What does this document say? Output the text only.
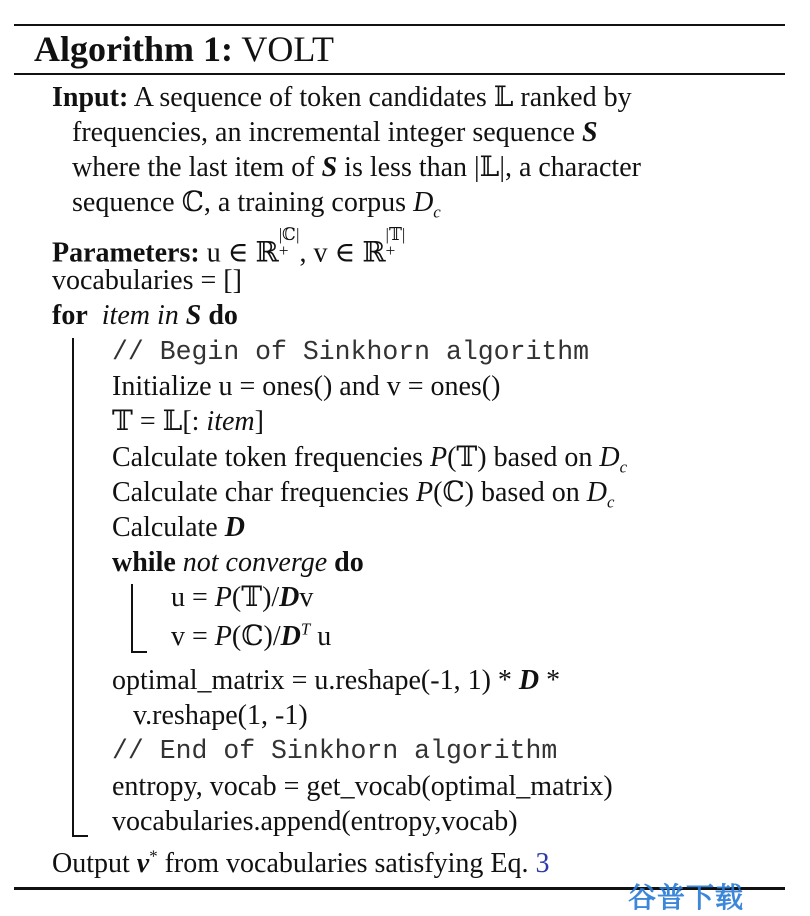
Algorithm 1: VOLT
Input: A sequence of token candidates 𝕃 ranked by
frequencies, an incremental integer sequence S
where the last item of S is less than |𝕃|, a character
sequence ℂ, a training corpus $D_c$
Parameters: u ∈ ℝ
|ℂ|
+ , v ∈ ℝ
|𝕋|
+
vocabularies = []
for item in S do
// Begin of Sinkhorn algorithm
Initialize u = ones() and v = ones()
𝕋 = 𝕃[: item]
Calculate token frequencies P(𝕋) based on $D_c$
Calculate char frequencies P(ℂ) based on $D_c$
Calculate D
while not converge do
u = P(𝕋)/Dv
$v = P(ℂ)/D^T$ u
optimal_matrix = u.reshape(-1, 1) * D *
v.reshape(1, -1)
// End of Sinkhorn algorithm
entropy, vocab = get_vocab(optimal_matrix)
vocabularies.append(entropy,vocab)
Output v* from vocabularies satisfying Eq. 3
谷普下载
